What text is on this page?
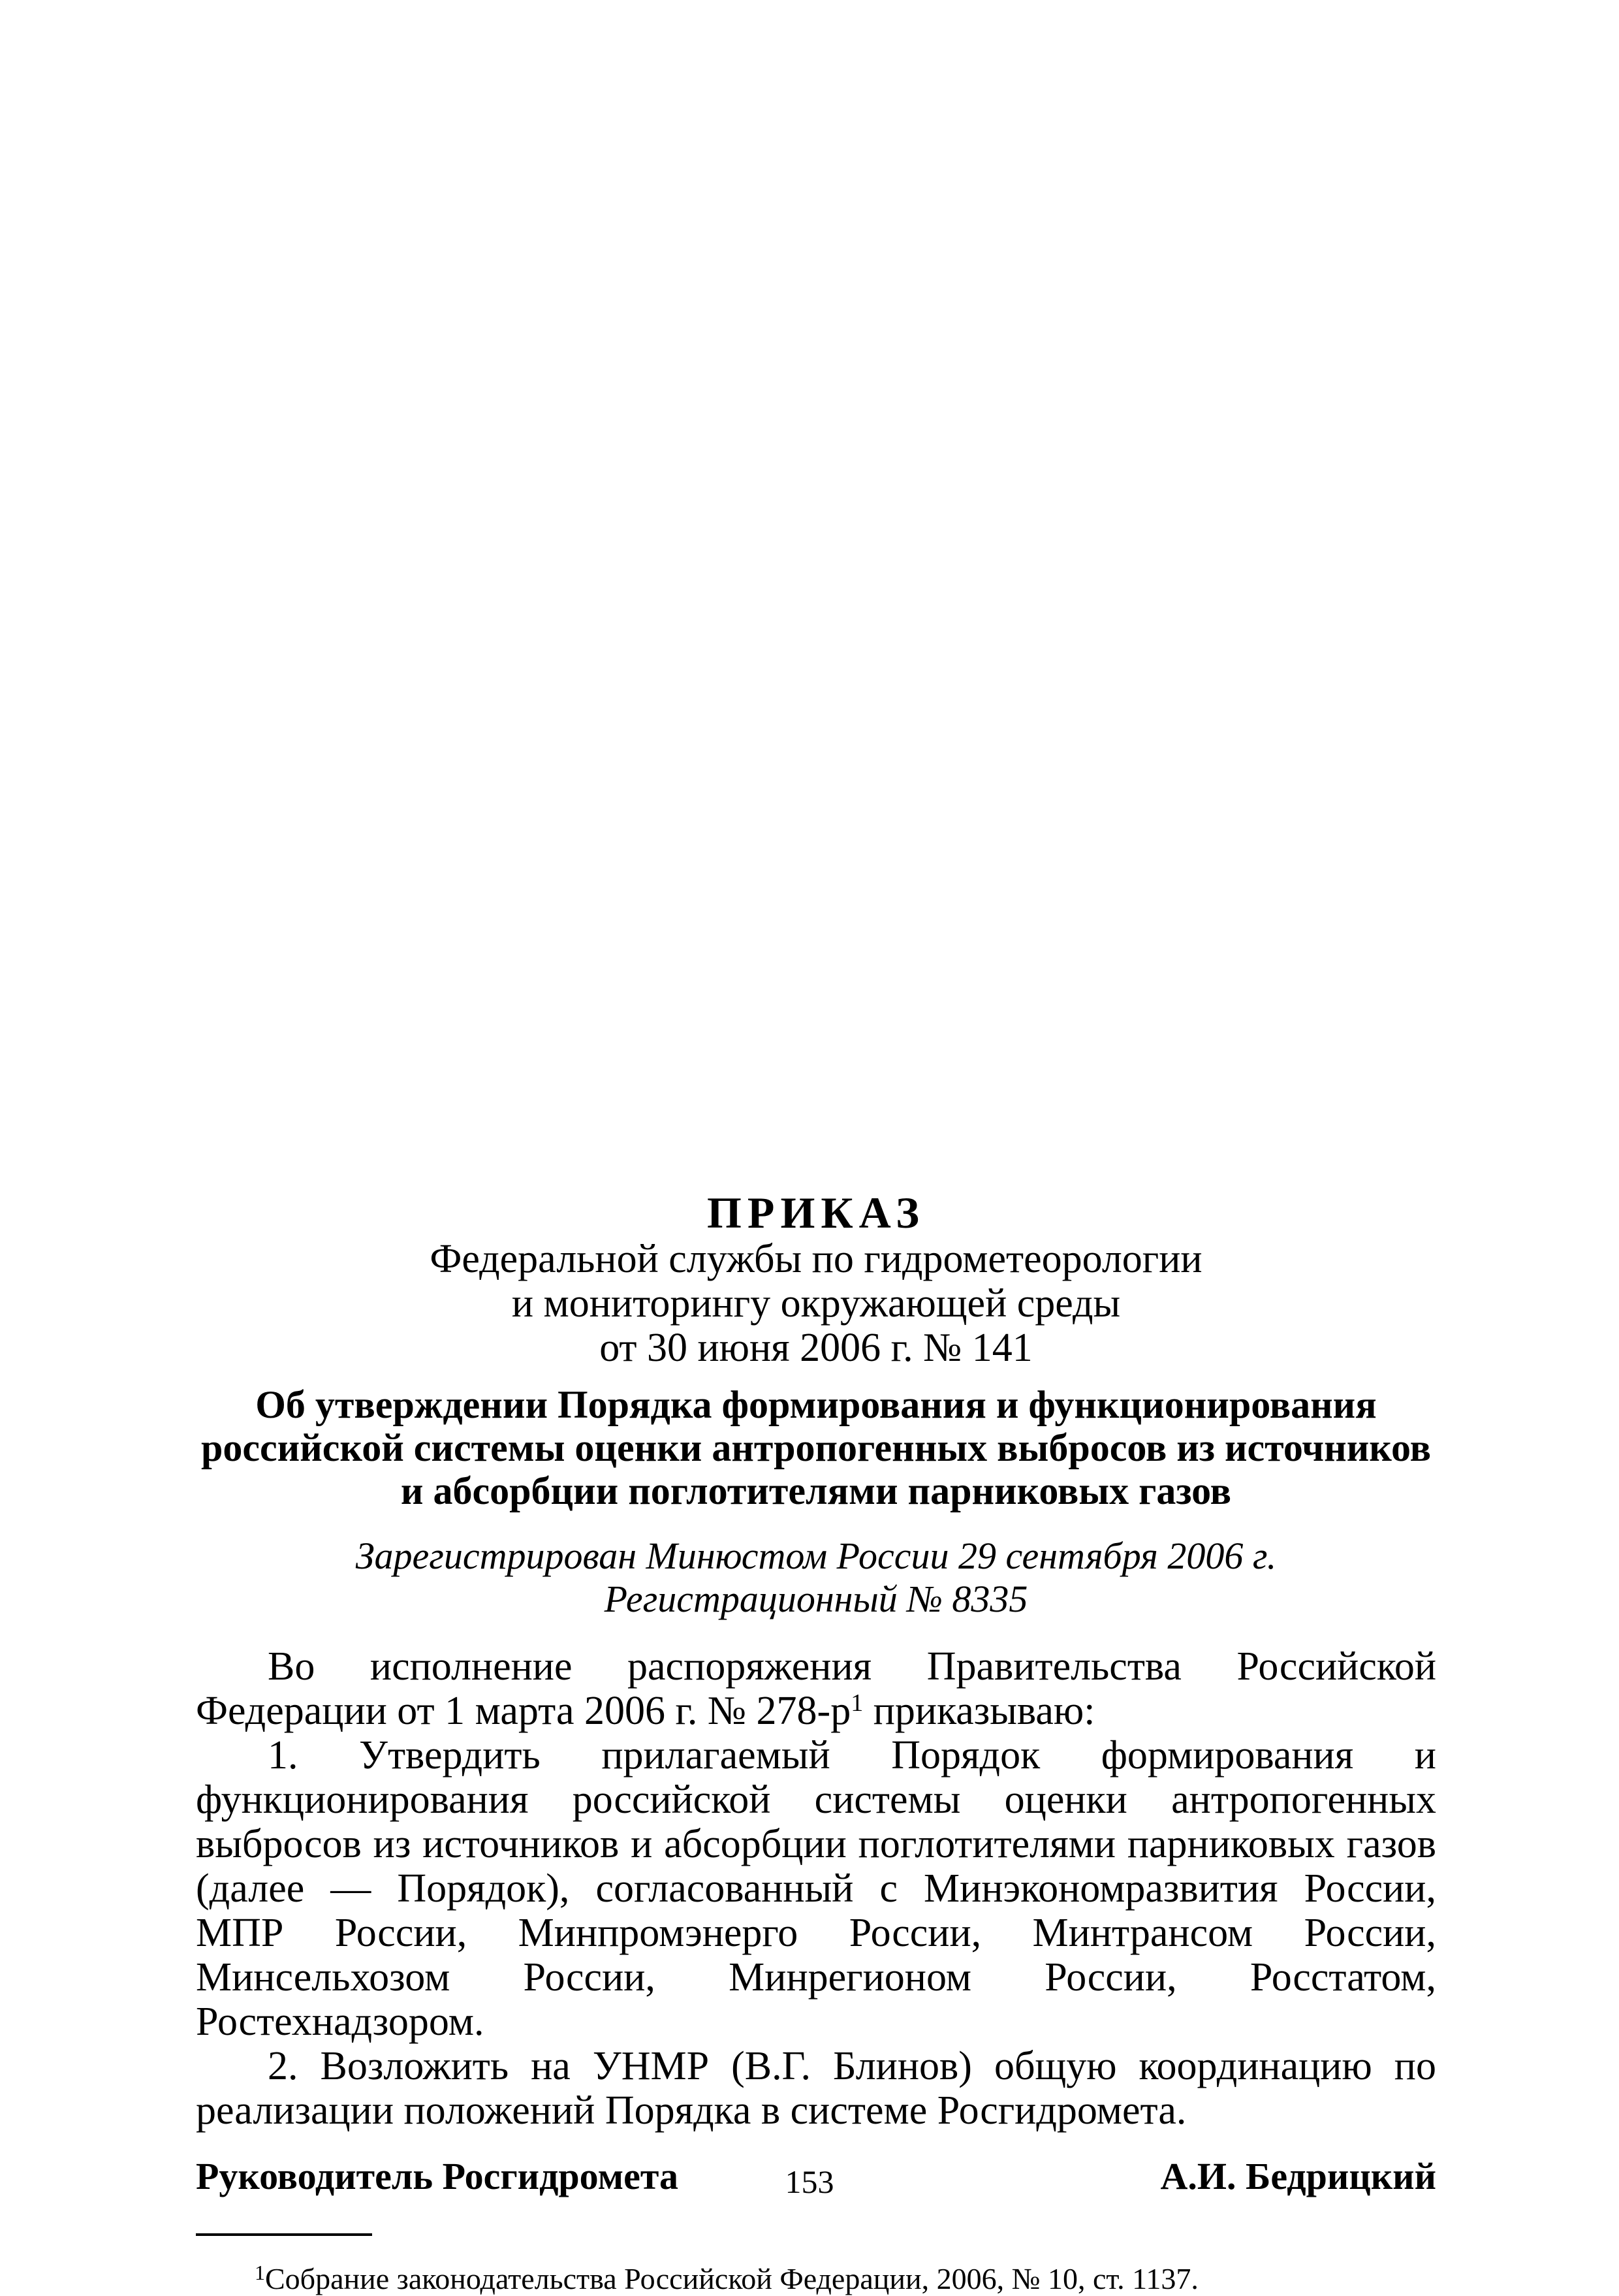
ПРИКАЗ
Федеральной службы по гидрометеорологии
и мониторингу окружающей среды
от 30 июня 2006 г. № 141
Об утверждении Порядка формирования и функционирования
российской системы оценки антропогенных выбросов из источников
и абсорбции поглотителями парниковых газов
Зарегистрирован Минюстом России 29 сентября 2006 г.
Регистрационный № 8335
Во исполнение распоряжения Правительства Российской Федерации от 1 марта 2006 г. № $278-р^1$ приказываю:
1. Утвердить прилагаемый Порядок формирования и функционирования российской системы оценки антропогенных выбросов из источников и абсорбции поглотителями парниковых газов (далее — Порядок), согласованный с Минэкономразвития России, МПР России, Минпромэнерго России, Минтрансом России, Минсельхозом России, Минрегионом России, Росстатом, Ростехнадзором.
2. Возложить на УНМР (В.Г. Блинов) общую координацию по реализации положений Порядка в системе Росгидромета.
Руководитель Росгидромета	А.И. Бедрицкий
$^1$Собрание законодательства Российской Федерации, 2006, № 10, ст. 1137.
153
